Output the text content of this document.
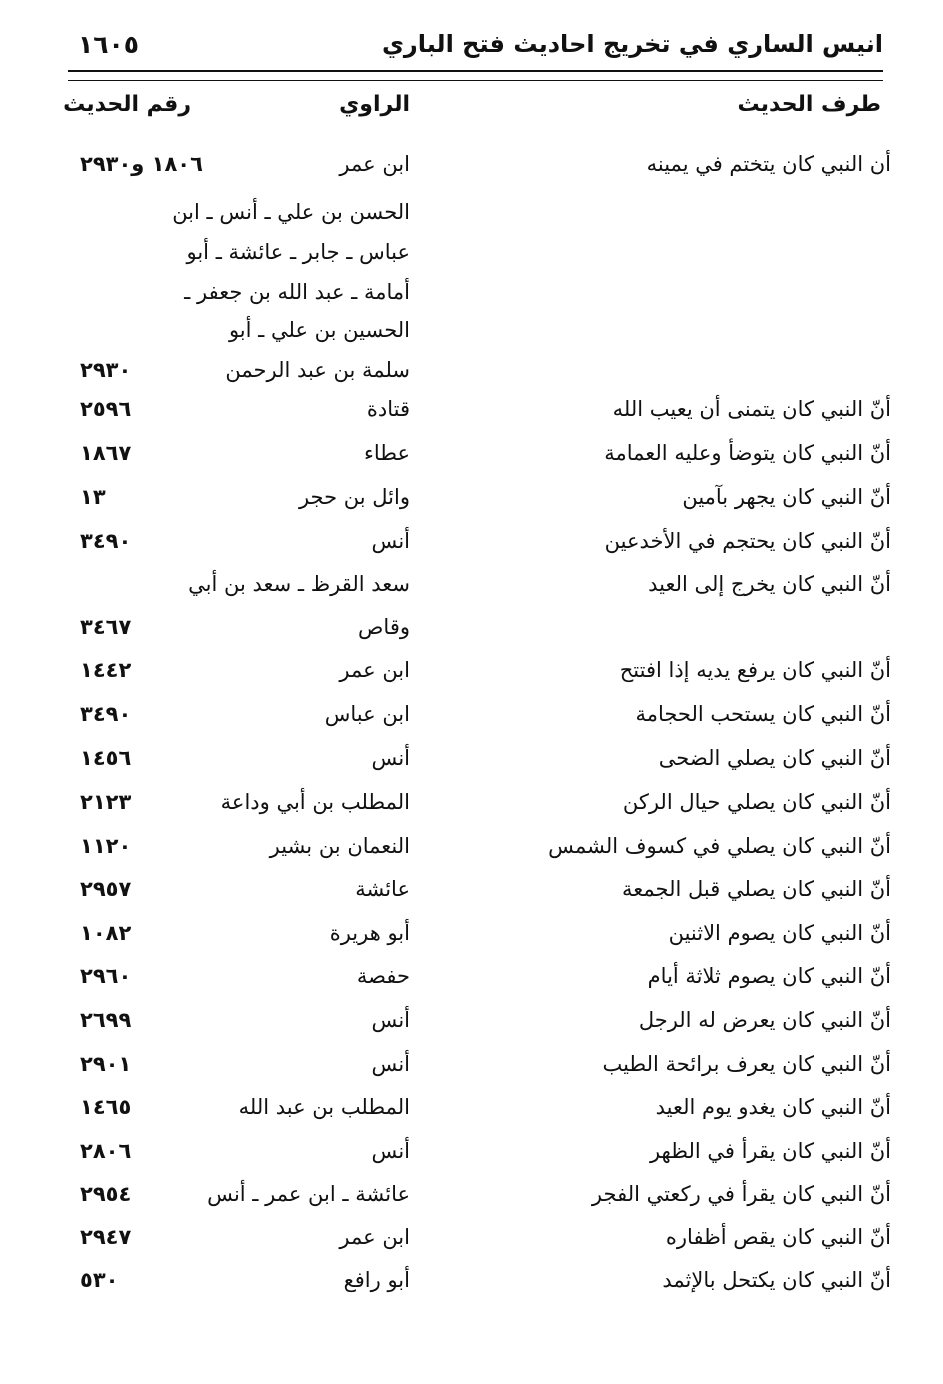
انيس الساري في تخريج احاديث فتح الباري
١٦٠٥
طرف الحديث
الراوي
رقم الحديث
أن النبي كان يتختم في يمينه
ابن عمر
١٨٠٦ و٢٩٣٠
الحسن بن علي ـ أنس ـ ابن
عباس ـ جابر ـ عائشة ـ أبو
أمامة ـ عبد الله بن جعفر ـ
الحسين بن علي ـ أبو
سلمة بن عبد الرحمن
٢٩٣٠
أنّ النبي كان يتمنى أن يعيب الله
قتادة
٢٥٩٦
أنّ النبي كان يتوضأ وعليه العمامة
عطاء
١٨٦٧
أنّ النبي كان يجهر بآمين
وائل بن حجر
١٣
أنّ النبي كان يحتجم في الأخدعين
أنس
٣٤٩٠
أنّ النبي كان يخرج إلى العيد
سعد القرظ ـ سعد بن أبي
وقاص
٣٤٦٧
أنّ النبي كان يرفع يديه إذا افتتح
ابن عمر
١٤٤٢
أنّ النبي كان يستحب الحجامة
ابن عباس
٣٤٩٠
أنّ النبي كان يصلي الضحى
أنس
١٤٥٦
أنّ النبي كان يصلي حيال الركن
المطلب بن أبي وداعة
٢١٢٣
أنّ النبي كان يصلي في كسوف الشمس
النعمان بن بشير
١١٢٠
أنّ النبي كان يصلي قبل الجمعة
عائشة
٢٩٥٧
أنّ النبي كان يصوم الاثنين
أبو هريرة
١٠٨٢
أنّ النبي كان يصوم ثلاثة أيام
حفصة
٢٩٦٠
أنّ النبي كان يعرض له الرجل
أنس
٢٦٩٩
أنّ النبي كان يعرف برائحة الطيب
أنس
٢٩٠١
أنّ النبي كان يغدو يوم العيد
المطلب بن عبد الله
١٤٦٥
أنّ النبي كان يقرأ في الظهر
أنس
٢٨٠٦
أنّ النبي كان يقرأ في ركعتي الفجر
عائشة ـ ابن عمر ـ أنس
٢٩٥٤
أنّ النبي كان يقص أظفاره
ابن عمر
٢٩٤٧
أنّ النبي كان يكتحل بالإثمد
أبو رافع
٥٣٠
